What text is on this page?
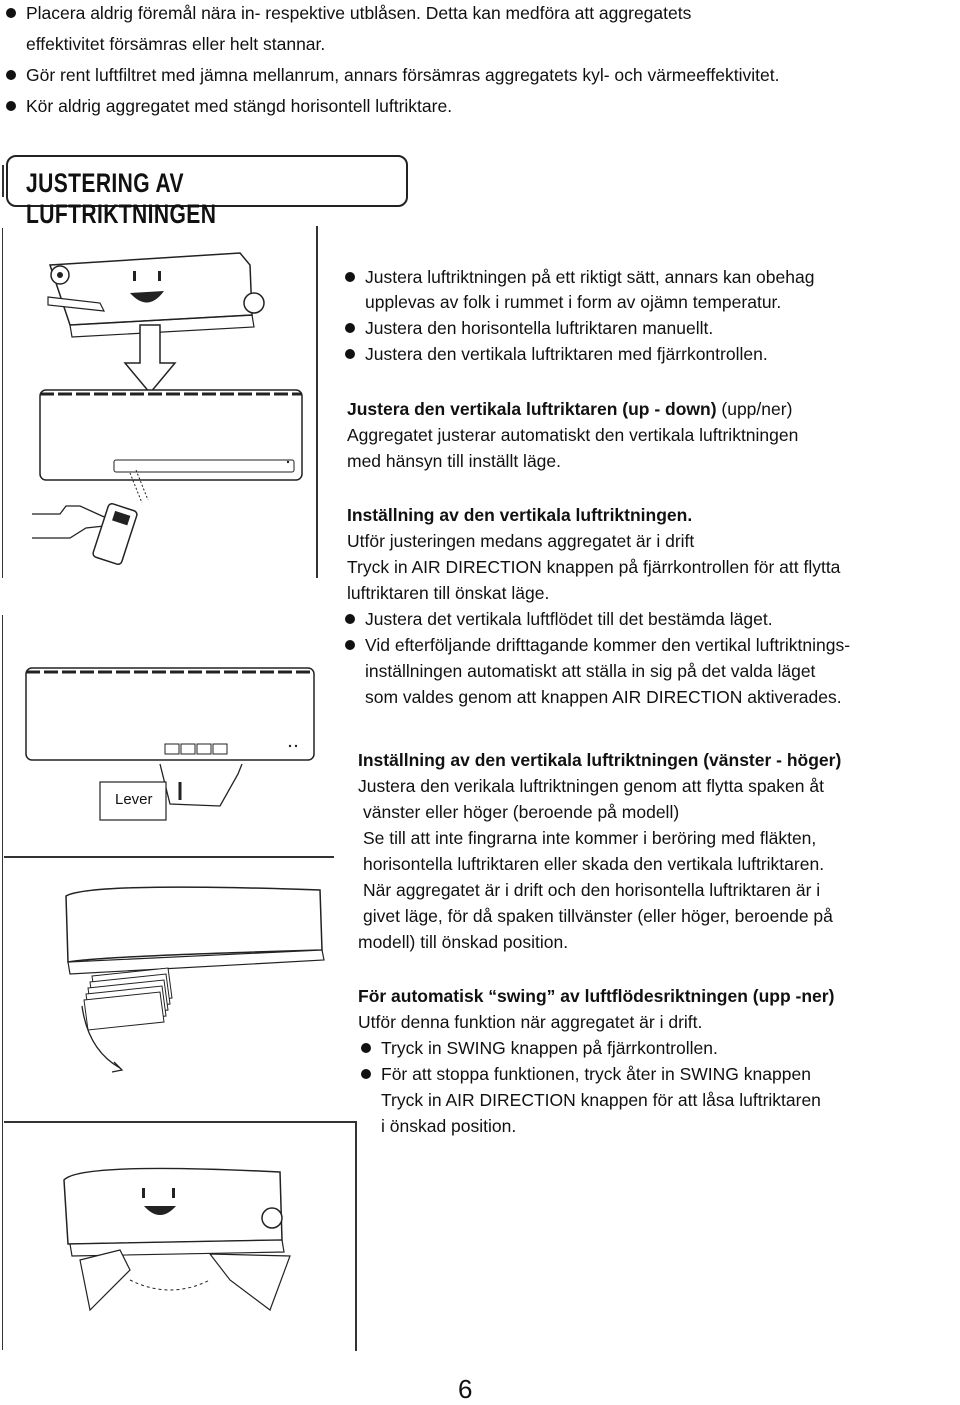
Placera aldrig föremål nära in- respektive utblåsen. Detta kan medföra att aggregatets
effektivitet försämras eller helt stannar.
Gör rent luftfiltret med jämna mellanrum, annars försämras aggregatets kyl- och värmeeffektivitet.
Kör aldrig aggregatet med stängd horisontell luftriktare.
JUSTERING AV LUFTRIKTNINGEN
Lever
Justera luftriktningen på ett riktigt sätt, annars kan obehag
upplevas av folk i rummet i form av ojämn temperatur.
Justera den horisontella luftriktaren manuellt.
Justera den vertikala luftriktaren med fjärrkontrollen.
Justera den vertikala luftriktaren (up - down) (upp/ner)
Aggregatet justerar automatiskt den vertikala luftriktningen
med hänsyn till inställt läge.
Inställning av den vertikala luftriktningen.
Utför justeringen medans aggregatet är i drift
Tryck in AIR DIRECTION knappen på fjärrkontrollen för att flytta
luftriktaren till önskat läge.
Justera det vertikala luftflödet till det bestämda läget.
Vid efterföljande drifttagande kommer den vertikal luftriktnings-
inställningen automatiskt att ställa in sig på det valda läget
som valdes genom att knappen AIR DIRECTION aktiverades.
Inställning av den vertikala luftriktningen (vänster - höger)
Justera den verikala luftriktningen genom att flytta spaken åt
vänster eller höger (beroende på modell)
Se till att inte fingrarna inte kommer i beröring med fläkten,
horisontella luftriktaren eller skada den vertikala luftriktaren.
När aggregatet är i drift och den horisontella luftriktaren är i
givet läge, för då spaken tillvänster (eller höger, beroende på
modell) till önskad position.
För automatisk “swing” av luftflödesriktningen (upp -ner)
Utför denna funktion när aggregatet är i drift.
Tryck in SWING knappen på fjärrkontrollen.
För att stoppa funktionen, tryck åter in SWING knappen
Tryck in AIR DIRECTION knappen för att låsa luftriktaren
i önskad position.
6
